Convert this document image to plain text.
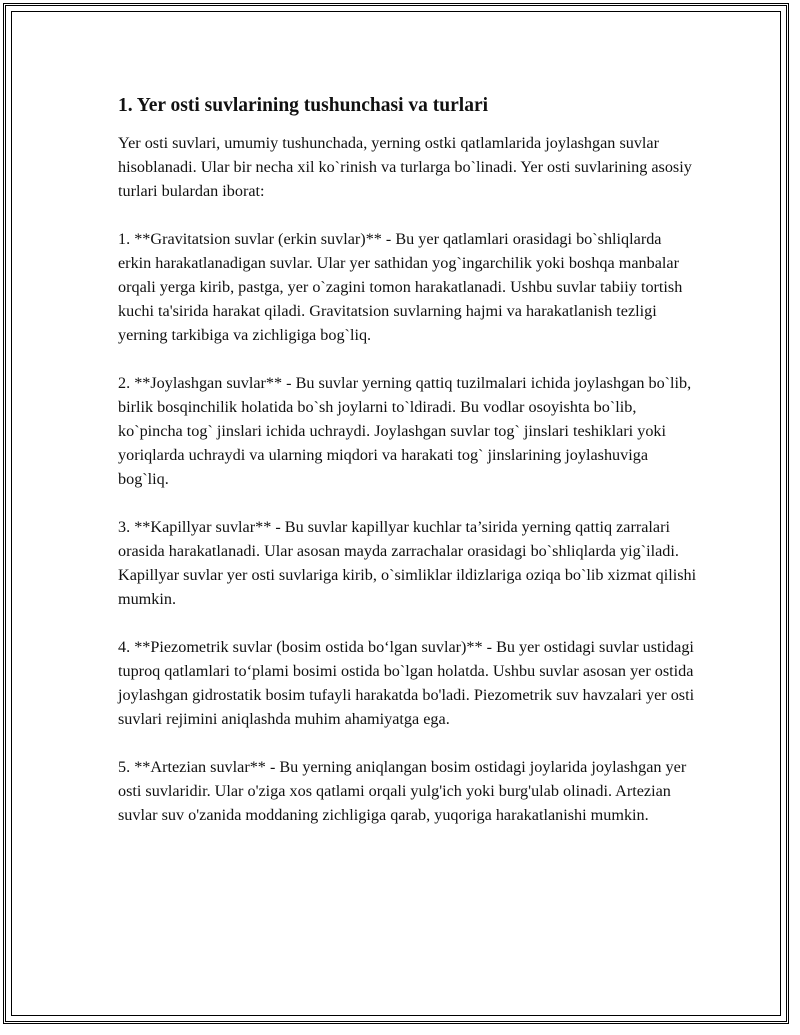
1. Yer osti suvlarining tushunchasi va turlari

Yer osti suvlari, umumiy tushunchada, yerning ostki qatlamlarida joylashgan suvlar hisoblanadi. Ular bir necha xil ko`rinish va turlarga bo`linadi. Yer osti suvlarining asosiy turlari bulardan iborat:

1. **Gravitatsion suvlar (erkin suvlar)** - Bu yer qatlamlari orasidagi bo`shliqlarda erkin harakatlanadigan suvlar. Ular yer sathidan yog`ingarchilik yoki boshqa manbalar orqali yerga kirib, pastga, yer o`zagini tomon harakatlanadi. Ushbu suvlar tabiiy tortish kuchi ta'sirida harakat qiladi. Gravitatsion suvlarning hajmi va harakatlanish tezligi yerning tarkibiga va zichligiga bog`liq.

2. **Joylashgan suvlar** - Bu suvlar yerning qattiq tuzilmalari ichida joylashgan bo`lib, birlik bosqinchilik holatida bo`sh joylarni to`ldiradi. Bu vodlar osoyishta bo`lib, ko`pincha tog` jinslari ichida uchraydi. Joylashgan suvlar tog` jinslari teshiklari yoki yoriqlarda uchraydi va ularning miqdori va harakati tog` jinslarining joylashuviga bog`liq.

3. **Kapillyar suvlar** - Bu suvlar kapillyar kuchlar ta’sirida yerning qattiq zarralari orasida harakatlanadi. Ular asosan mayda zarrachalar orasidagi bo`shliqlarda yig`iladi. Kapillyar suvlar yer osti suvlariga kirib, o`simliklar ildizlariga oziqa bo`lib xizmat qilishi mumkin.

4. **Piezometrik suvlar (bosim ostida bo‘lgan suvlar)** - Bu yer ostidagi suvlar ustidagi tuproq qatlamlari to‘plami bosimi ostida bo`lgan holatda. Ushbu suvlar asosan yer ostida joylashgan gidrostatik bosim tufayli harakatda bo'ladi. Piezometrik suv havzalari yer osti suvlari rejimini aniqlashda muhim ahamiyatga ega.

5. **Artezian suvlar** - Bu yerning aniqlangan bosim ostidagi joylarida joylashgan yer osti suvlaridir. Ular o'ziga xos qatlami orqali yulg'ich yoki burg'ulab olinadi. Artezian suvlar suv o'zanida moddaning zichligiga qarab, yuqoriga harakatlanishi mumkin.
